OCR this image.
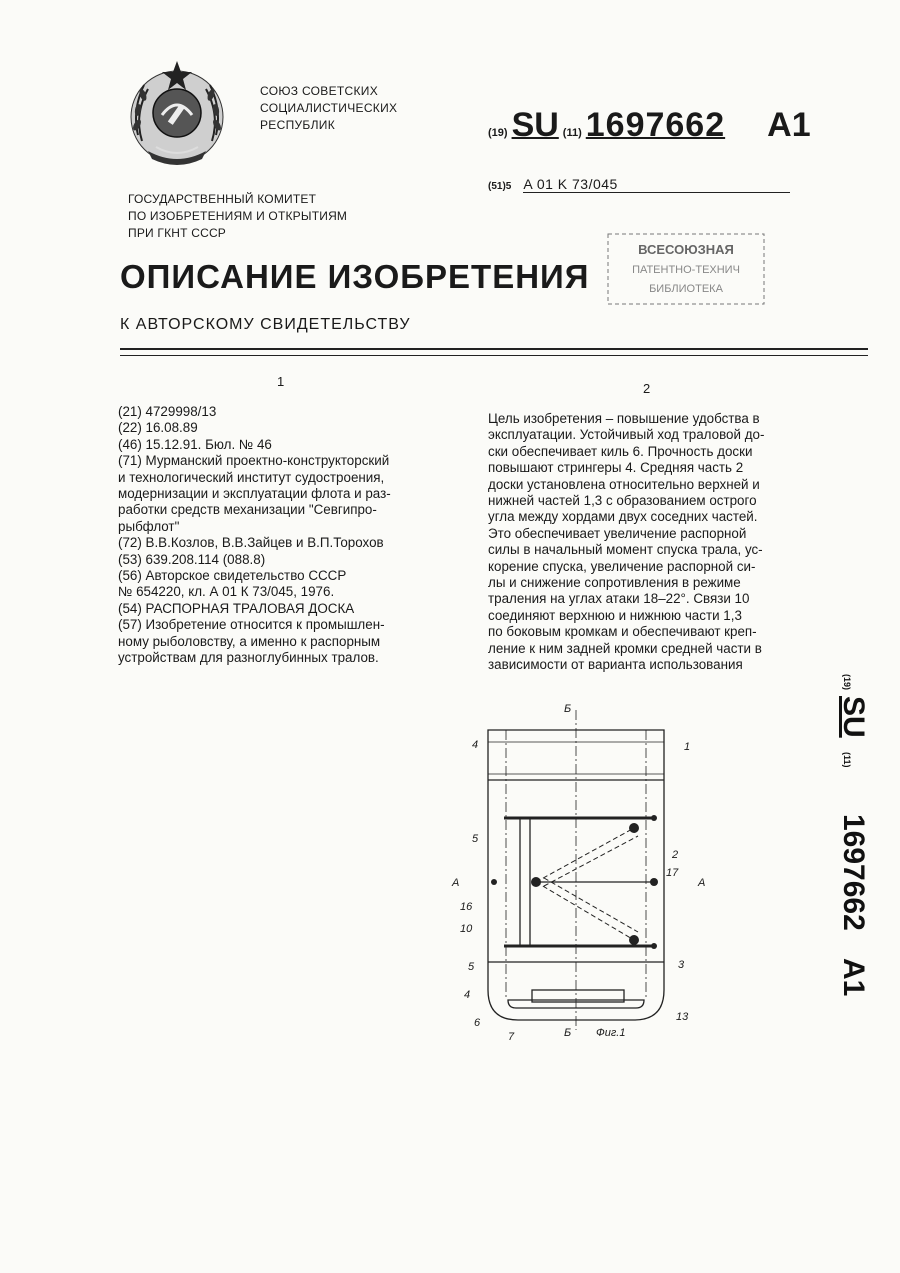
СОЮЗ СОВЕТСКИХ
СОЦИАЛИСТИЧЕСКИХ
РЕСПУБЛИК
(19) SU (11) 1697662 A1
(51)5 A 01 K 73/045
ГОСУДАРСТВЕННЫЙ КОМИТЕТ
ПО ИЗОБРЕТЕНИЯМ И ОТКРЫТИЯМ
ПРИ ГКНТ СССР
ВСЕСОЮЗНАЯ
ПАТЕНТНО-ТЕХНИЧ
БИБЛИОТЕКА
ОПИСАНИЕ ИЗОБРЕТЕНИЯ
К АВТОРСКОМУ СВИДЕТЕЛЬСТВУ
1	2
(21) 4729998/13
(22) 16.08.89
(46) 15.12.91. Бюл. № 46
(71) Мурманский проектно-конструкторский
и технологический институт судостроения,
модернизации и эксплуатации флота и раз-
работки средств механизации "Севгипро-
рыбфлот"
(72) В.В.Козлов, В.В.Зайцев и В.П.Торохов
(53) 639.208.114 (088.8)
(56) Авторское свидетельство СССР
№ 654220, кл. А 01 К 73/045, 1976.
(54) РАСПОРНАЯ ТРАЛОВАЯ ДОСКА
(57) Изобретение относится к промышлен-
ному рыболовству, а именно к распорным
устройствам для разноглубинных тралов.
Цель изобретения – повышение удобства в
эксплуатации. Устойчивый ход траловой до-
ски обеспечивает киль 6. Прочность доски
повышают стрингеры 4. Средняя часть 2
доски установлена относительно верхней и
нижней частей 1,3 с образованием острого
угла между хордами двух соседних частей.
Это обеспечивает увеличение распорной
силы в начальный момент спуска трала, ус-
корение спуска, увеличение распорной си-
лы и снижение сопротивления в режиме
траления на углах атаки 18–22°. Связи 10
соединяют верхнюю и нижнюю части 1,3
по боковым кромкам и обеспечивают креп-
ление к ним задней кромки средней части в
зависимости от варианта использования
Б
Б
А	А
Фиг.1
4	1
5
2
17
16
10
5	3
13
4
6
7
(19)
SU
(11)
1697662
A1
